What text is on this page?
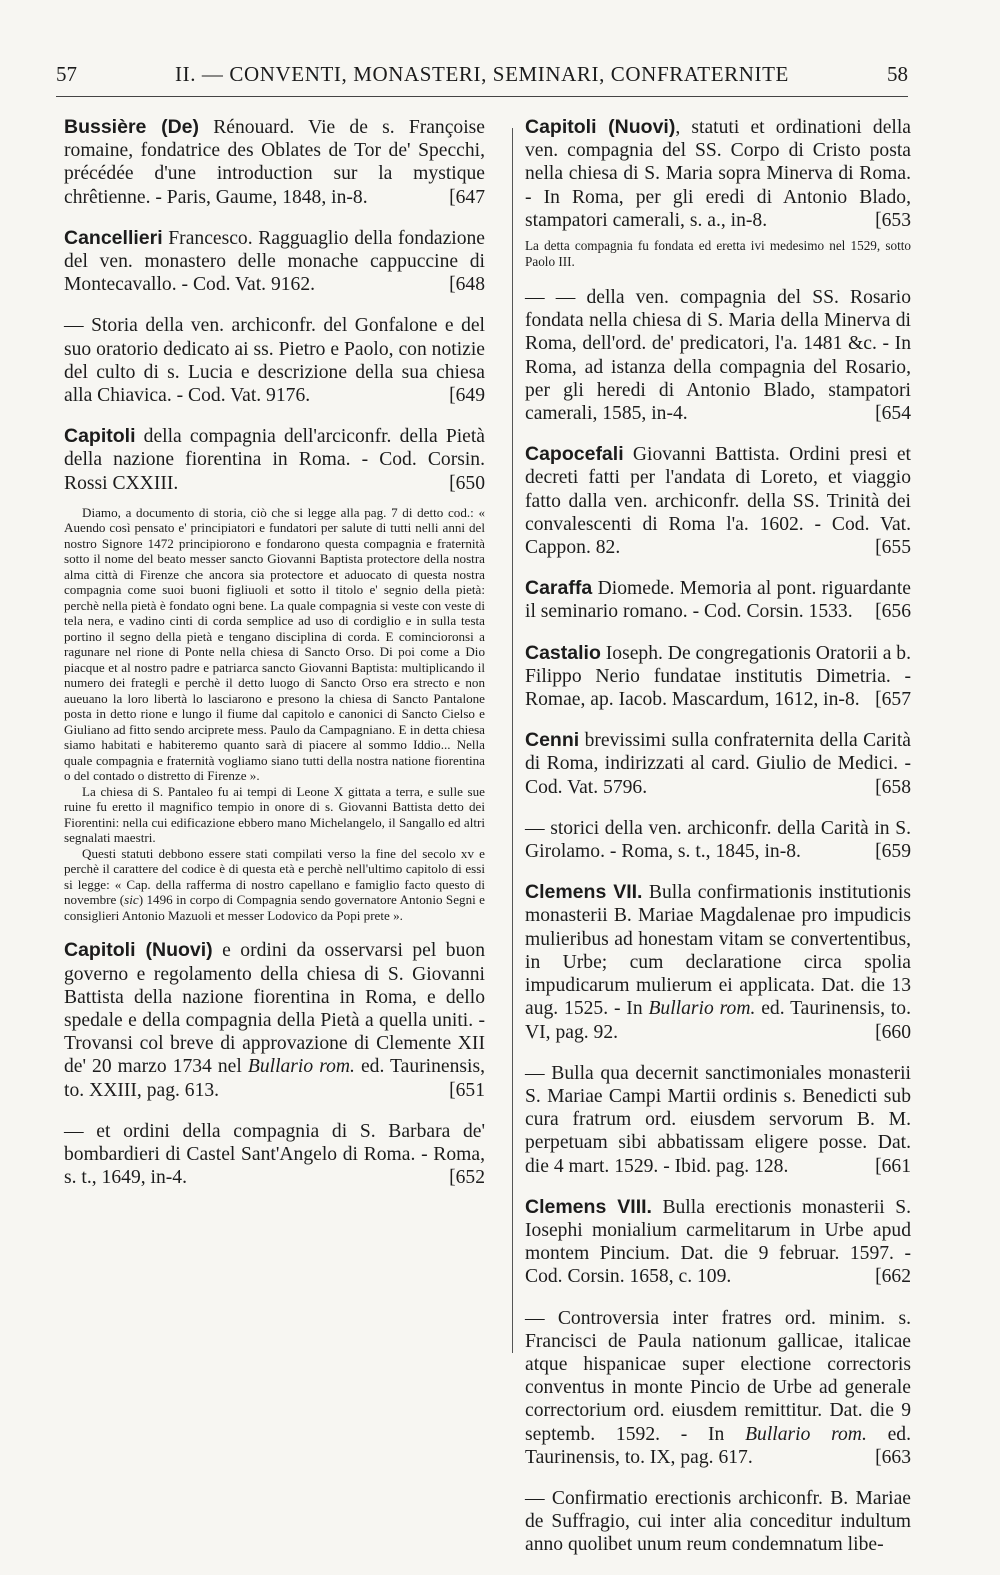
57	II. — CONVENTI, MONASTERI, SEMINARI, CONFRATERNITE	58
Bussière (De) Rénouard. Vie de s. Françoise romaine, fondatrice des Oblates de Tor de' Specchi, précédée d'une introduction sur la mystique chrêtienne. - Paris, Gaume, 1848, in-8.	[647
Cancellieri Francesco. Ragguaglio della fondazione del ven. monastero delle monache cappuccine di Montecavallo. - Cod. Vat. 9162.	[648
— Storia della ven. archiconfr. del Gonfalone e del suo oratorio dedicato ai ss. Pietro e Paolo, con notizie del culto di s. Lucia e descrizione della sua chiesa alla Chiavica. - Cod. Vat. 9176.	[649
Capitoli della compagnia dell'arciconfr. della Pietà della nazione fiorentina in Roma. - Cod. Corsin. Rossi CXXIII.	[650

Diamo, a documento di storia, ciò che si legge alla pag. 7 di detto cod.: « Auendo così pensato e' principiatori e fundatori per salute di tutti nelli anni del nostro Signore 1472 principiorono e fondarono questa compagnia e fraternità sotto il nome del beato messer sancto Giovanni Baptista protectore della nostra alma città di Firenze che ancora sia protectore et aduocato di questa nostra compagnia come suoi buoni figliuoli et sotto il titolo e' segnio della pietà: perchè nella pietà è fondato ogni bene. La quale compagnia si veste con veste di tela nera, e vadino cinti di corda semplice ad uso di cordiglio e in sulla testa portino il segno della pietà e tengano disciplina di corda. E comincioronsi a ragunare nel rione di Ponte nella chiesa di Sancto Orso. Di poi come a Dio piacque et al nostro padre e patriarca sancto Giovanni Baptista: multiplicando il numero dei frategli e perchè il detto luogo di Sancto Orso era strecto e non aueuano la loro libertà lo lasciarono e presono la chiesa di Sancto Pantalone posta in detto rione e lungo il fiume dal capitolo e canonici di Sancto Cielso e Giuliano ad fitto sendo arciprete mess. Paulo da Campagniano. E in detta chiesa siamo habitati e habiteremo quanto sarà di piacere al sommo Iddio... Nella quale compagnia e fraternità vogliamo siano tutti della nostra natione fiorentina o del contado o distretto di Firenze ».

La chiesa di S. Pantaleo fu ai tempi di Leone X gittata a terra, e sulle sue ruine fu eretto il magnifico tempio in onore di s. Giovanni Battista detto dei Fiorentini: nella cui edificazione ebbero mano Michelangelo, il Sangallo ed altri segnalati maestri.

Questi statuti debbono essere stati compilati verso la fine del secolo xv e perchè il carattere del codice è di questa età e perchè nell'ultimo capitolo di essi si legge: « Cap. della rafferma di nostro capellano e famiglio facto questo di novembre (sic) 1496 in corpo di Compagnia sendo governatore Antonio Segni e consiglieri Antonio Mazuoli et messer Lodovico da Popi prete ».

Capitoli (Nuovi) e ordini da osservarsi pel buon governo e regolamento della chiesa di S. Giovanni Battista della nazione fiorentina in Roma, e dello spedale e della compagnia della Pietà a quella uniti. - Trovansi col breve di approvazione di Clemente XII de' 20 marzo 1734 nel Bullario rom. ed. Taurinensis, to. XXIII, pag. 613.	[651
— et ordini della compagnia di S. Barbara de' bombardieri di Castel Sant'Angelo di Roma. - Roma, s. t., 1649, in-4.	[652
Capitoli (Nuovi), statuti et ordinationi della ven. compagnia del SS. Corpo di Cristo posta nella chiesa di S. Maria sopra Minerva di Roma. - In Roma, per gli eredi di Antonio Blado, stampatori camerali, s. a., in-8.	[653
La detta compagnia fu fondata ed eretta ivi medesimo nel 1529, sotto Paolo III.
— — della ven. compagnia del SS. Rosario fondata nella chiesa di S. Maria della Minerva di Roma, dell'ord. de' predicatori, l'a. 1481 &c. - In Roma, ad istanza della compagnia del Rosario, per gli heredi di Antonio Blado, stampatori camerali, 1585, in-4.	[654
Capocefali Giovanni Battista. Ordini presi et decreti fatti per l'andata di Loreto, et viaggio fatto dalla ven. archiconfr. della SS. Trinità dei convalescenti di Roma l'a. 1602. - Cod. Vat. Cappon. 82.	[655
Caraffa Diomede. Memoria al pont. riguardante il seminario romano. - Cod. Corsin. 1533. [656
Castalio Ioseph. De congregationis Oratorii a b. Filippo Nerio fundatae institutis Dimetria. - Romae, ap. Iacob. Mascardum, 1612, in-8. [657
Cenni brevissimi sulla confraternita della Carità di Roma, indirizzati al card. Giulio de Medici. - Cod. Vat. 5796.	[658
— storici della ven. archiconfr. della Carità in S. Girolamo. - Roma, s. t., 1845, in-8.	[659
Clemens VII. Bulla confirmationis institutionis monasterii B. Mariae Magdalenae pro impudicis mulieribus ad honestam vitam se convertentibus, in Urbe; cum declaratione circa spolia impudicarum mulierum ei applicata. Dat. die 13 aug. 1525. - In Bullario rom. ed. Taurinensis, to. VI, pag. 92.	[660
— Bulla qua decernit sanctimoniales monasterii S. Mariae Campi Martii ordinis s. Benedicti sub cura fratrum ord. eiusdem servorum B. M. perpetuam sibi abbatissam eligere posse. Dat. die 4 mart. 1529. - Ibid. pag. 128.	[661
Clemens VIII. Bulla erectionis monasterii S. Iosephi monialium carmelitarum in Urbe apud montem Pincium. Dat. die 9 februar. 1597. - Cod. Corsin. 1658, c. 109.	[662
— Controversia inter fratres ord. minim. s. Francisci de Paula nationum gallicae, italicae atque hispanicae super electione correctoris conventus in monte Pincio de Urbe ad generale correctorium ord. eiusdem remittitur. Dat. die 9 septemb. 1592. - In Bullario rom. ed. Taurinensis, to. IX, pag. 617.	[663
— Confirmatio erectionis archiconfr. B. Mariae de Suffragio, cui inter alia conceditur indultum anno quolibet unum reum condemnatum libe-
